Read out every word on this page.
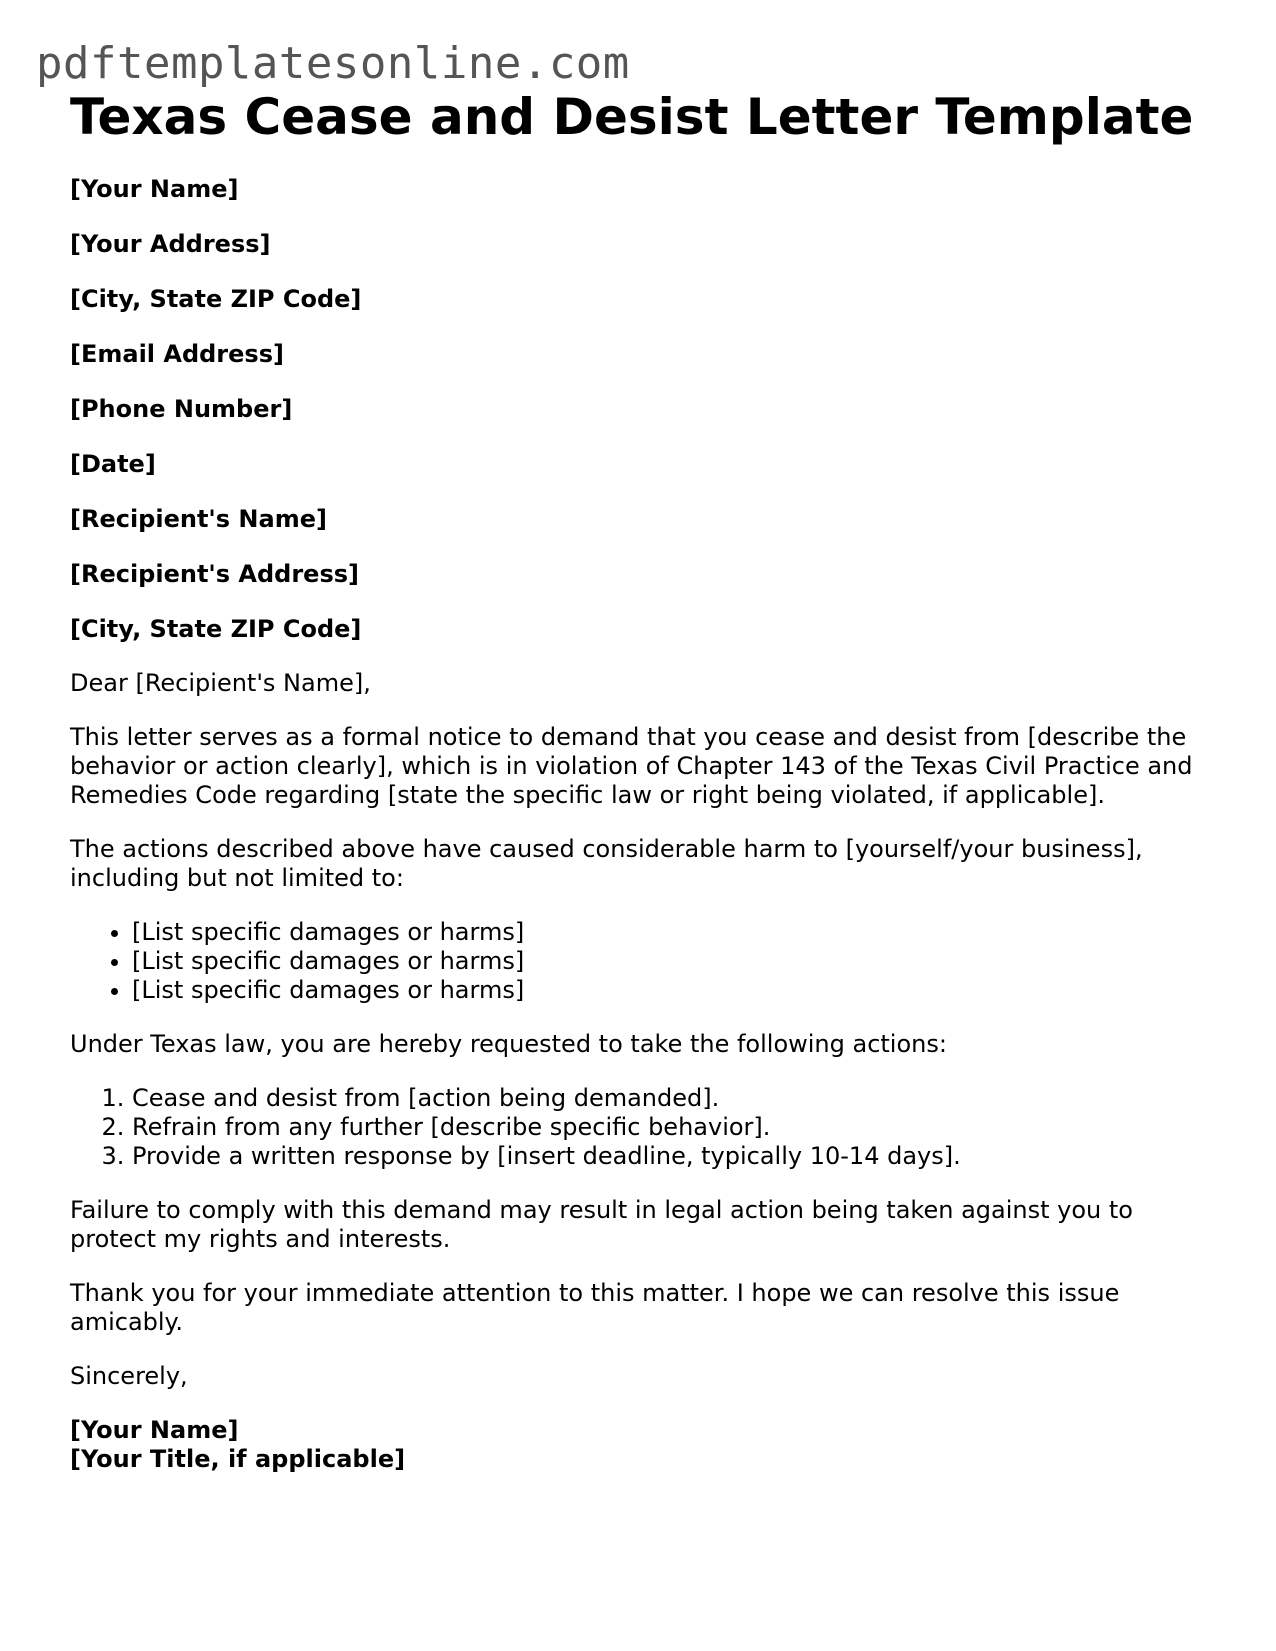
pdftemplatesonline.com
Texas Cease and Desist Letter Template
[Your Name]
[Your Address]
[City, State ZIP Code]
[Email Address]
[Phone Number]
[Date]
[Recipient's Name]
[Recipient's Address]
[City, State ZIP Code]

Dear [Recipient's Name],

This letter serves as a formal notice to demand that you cease and desist from [describe the behavior or action clearly], which is in violation of Chapter 143 of the Texas Civil Practice and Remedies Code regarding [state the specific law or right being violated, if applicable].

The actions described above have caused considerable harm to [yourself/your business], including but not limited to:

• [List specific damages or harms]
• [List specific damages or harms]
• [List specific damages or harms]

Under Texas law, you are hereby requested to take the following actions:

1. Cease and desist from [action being demanded].
2. Refrain from any further [describe specific behavior].
3. Provide a written response by [insert deadline, typically 10-14 days].

Failure to comply with this demand may result in legal action being taken against you to protect my rights and interests.

Thank you for your immediate attention to this matter. I hope we can resolve this issue amicably.

Sincerely,

[Your Name]
[Your Title, if applicable]
